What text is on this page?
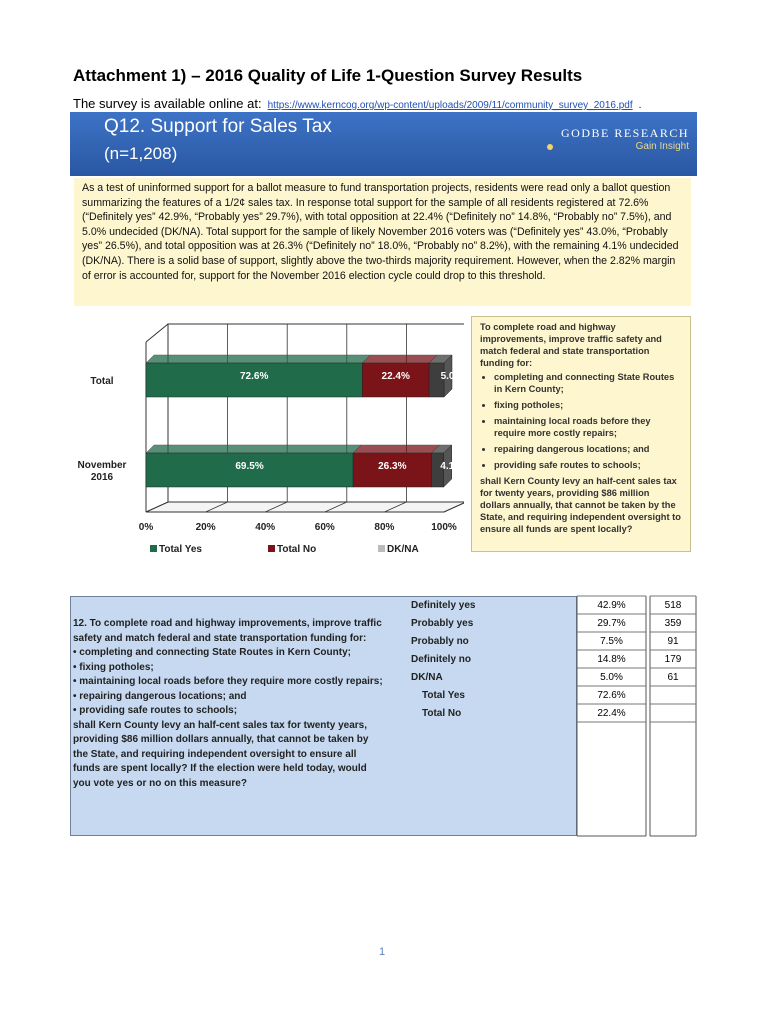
Attachment 1) – 2016 Quality of Life 1-Question Survey Results
The survey is available online at: https://www.kerncog.org/wp-content/uploads/2009/11/community_survey_2016.pdf .
Q12. Support for Sales Tax
(n=1,208)
GODBE RESEARCH
Gain Insight
As a test of uninformed support for a ballot measure to fund transportation projects, residents were read only a ballot question summarizing the features of a 1/2¢ sales tax. In response total support for the sample of all residents registered at 72.6% (“Definitely yes” 42.9%, “Probably yes” 29.7%), with total opposition at 22.4% (“Definitely no” 14.8%, “Probably no” 7.5%), and 5.0% undecided (DK/NA). Total support for the sample of likely November 2016 voters was (“Definitely yes” 43.0%, “Probably yes” 26.5%), and total opposition was at 26.3% (“Definitely no” 18.0%, “Probably no” 8.2%), with the remaining 4.1% undecided (DK/NA). There is a solid base of support, slightly above the two-thirds majority requirement. However, when the 2.82% margin of error is accounted for, support for the November 2016 election cycle could drop to this threshold.
0%	20%	40%	60%	80%	100%
72.6%	22.4%	5.0%
Total
69.5%	26.3%	4.1%
November
2016
Total Yes	Total No	DK/NA
To complete road and highway improvements, improve traffic safety and match federal and state transportation funding for:
• completing and connecting State Routes in Kern County;
• fixing potholes;
• maintaining local roads before they require more costly repairs;
• repairing dangerous locations; and
• providing safe routes to schools;
shall Kern County levy an half-cent sales tax for twenty years, providing $86 million dollars annually, that cannot be taken by the State, and requiring independent oversight to ensure all funds are spent locally?
12. To complete road and highway improvements, improve traffic
safety and match federal and state transportation funding for:
• completing and connecting State Routes in Kern County;
• fixing potholes;
• maintaining local roads before they require more costly repairs;
• repairing dangerous locations; and
• providing safe routes to schools;
shall Kern County levy an half-cent sales tax for twenty years,
providing $86 million dollars annually, that cannot be taken by
the State, and requiring independent oversight to ensure all
funds are spent locally? If the election were held today, would
you vote yes or no on this measure?
Definitely yes	42.9%	518
Probably yes	29.7%	359
Probably no	7.5%	91
Definitely no	14.8%	179
DK/NA	5.0%	61
Total Yes	72.6%
Total No	22.4%
1
